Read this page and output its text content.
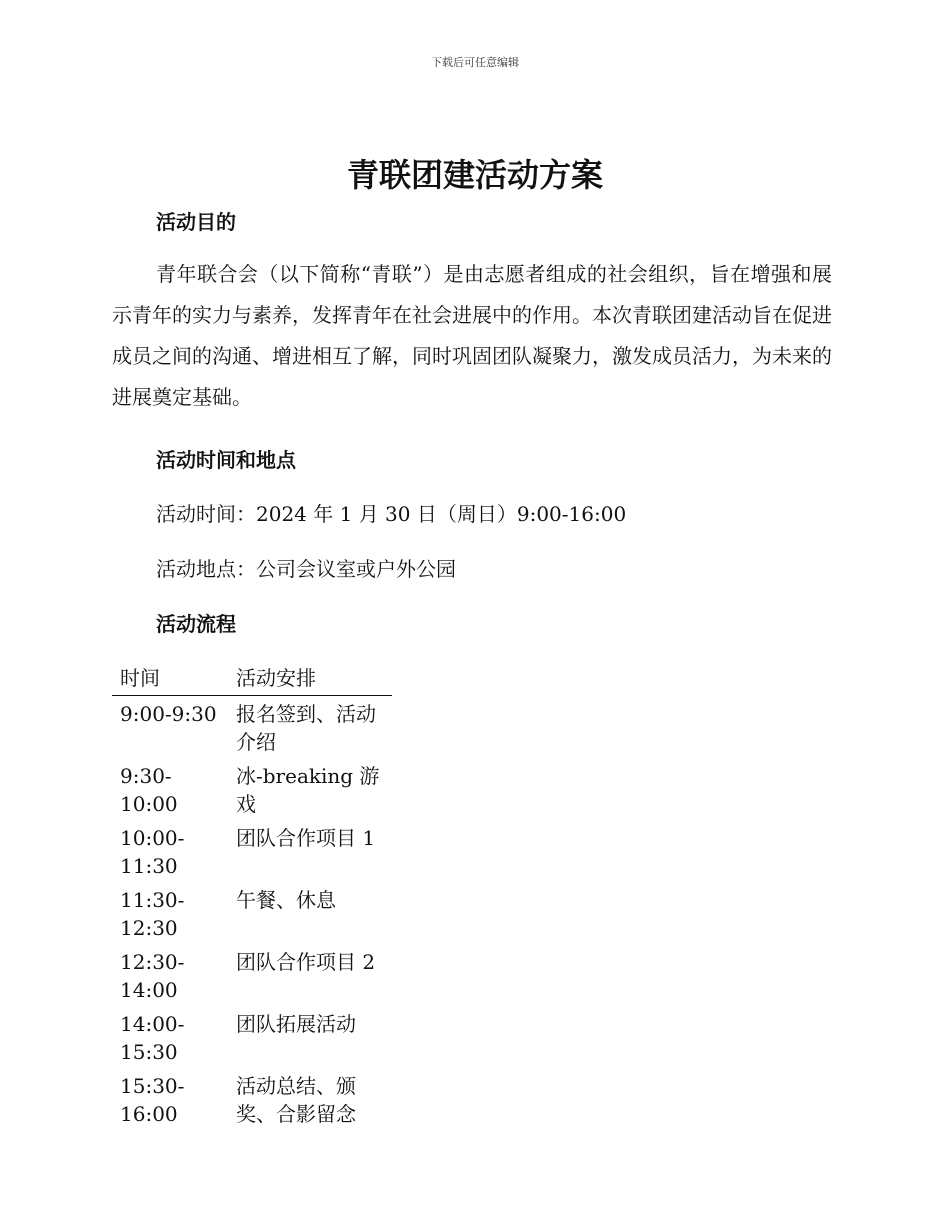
下载后可任意编辑
青联团建活动方案
活动目的

青年联合会（以下简称“青联”）是由志愿者组成的社会组织，旨在增强和展示青年的实力与素养，发挥青年在社会进展中的作用。本次青联团建活动旨在促进成员之间的沟通、增进相互了解，同时巩固团队凝聚力，激发成员活力，为未来的进展奠定基础。

活动时间和地点

活动时间：2024 年 1 月 30 日（周日）9:00-16:00

活动地点：公司会议室或户外公园

活动流程
时间	活动安排
9:00-9:30	报名签到、活动介绍
9:30-10:00	冰-breaking 游戏
10:00-11:30	团队合作项目 1
11:30-12:30	午餐、休息
12:30-14:00	团队合作项目 2
14:00-15:30	团队拓展活动
15:30-16:00	活动总结、颁奖、合影留念
